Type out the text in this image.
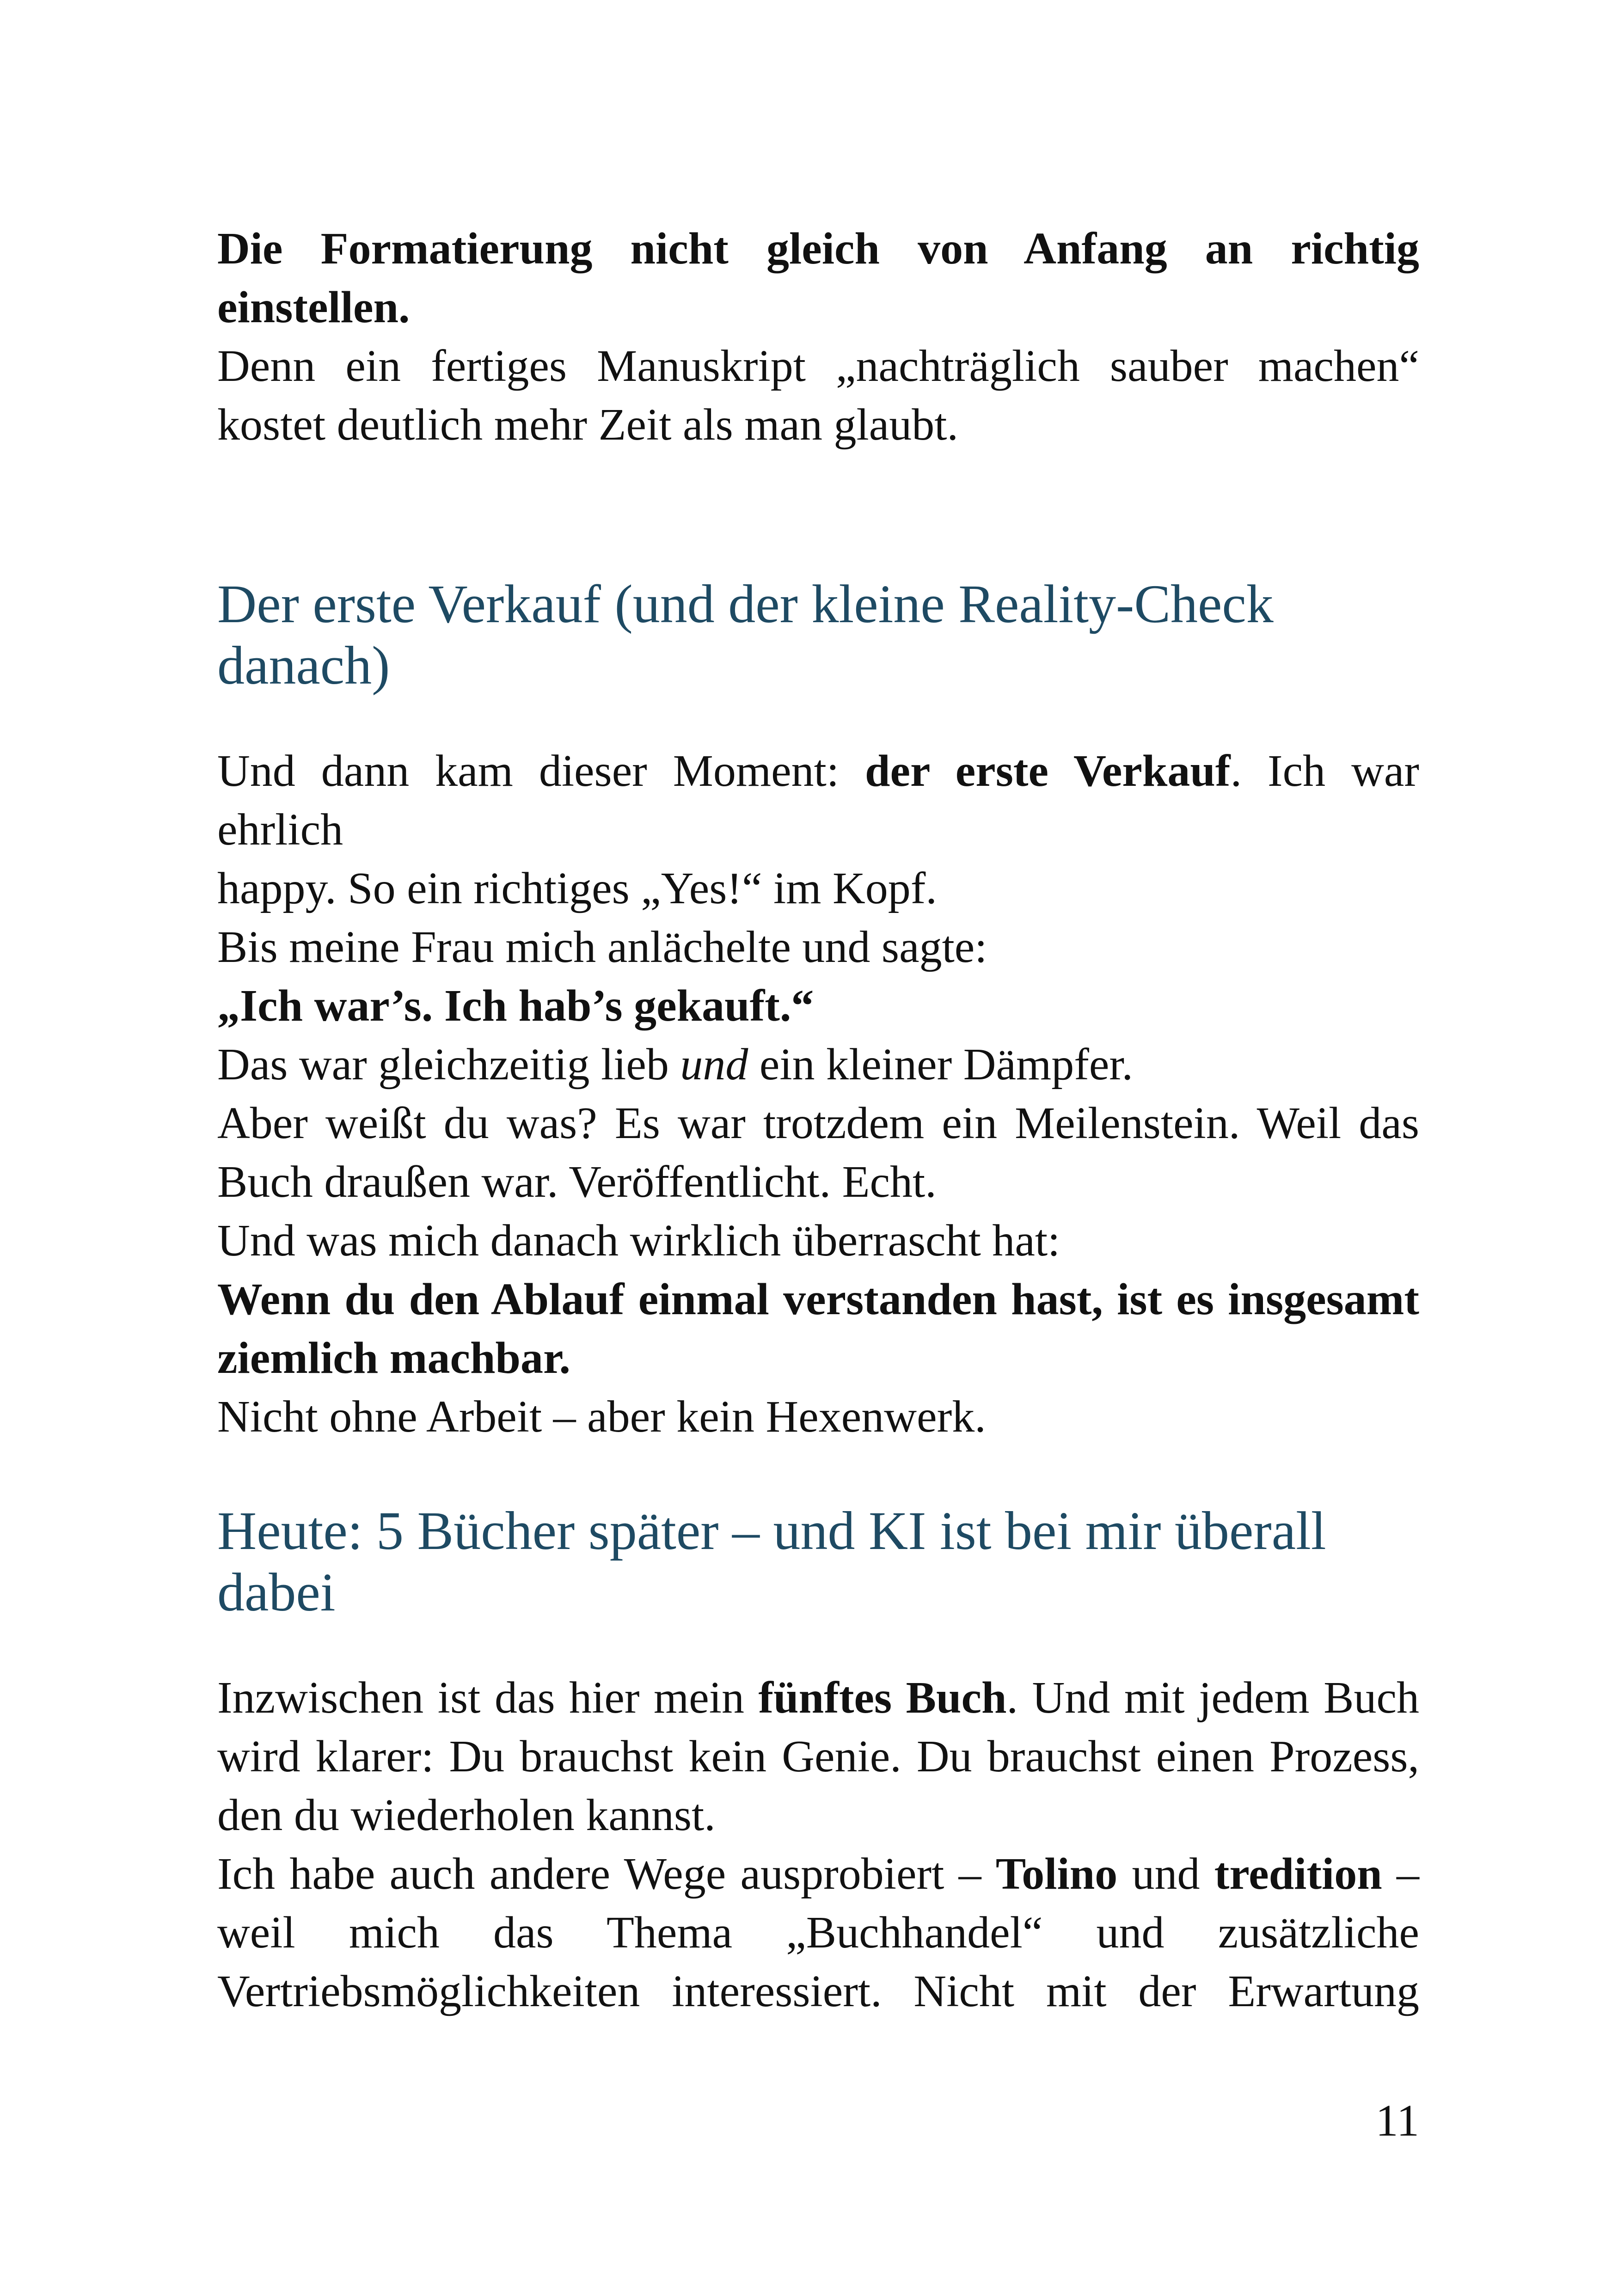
Die Formatierung nicht gleich von Anfang an richtig

einstellen.

Denn ein fertiges Manuskript „nachträglich sauber machen“

kostet deutlich mehr Zeit als man glaubt.

Der erste Verkauf (und der kleine Reality-Check

danach)

Und dann kam dieser Moment: der erste Verkauf. Ich war ehrlich

happy. So ein richtiges „Yes!“ im Kopf.

Bis meine Frau mich anlächelte und sagte:

„Ich war’s. Ich hab’s gekauft.“

Das war gleichzeitig lieb und ein kleiner Dämpfer.

Aber weißt du was? Es war trotzdem ein Meilenstein. Weil das

Buch draußen war. Veröffentlicht. Echt.

Und was mich danach wirklich überrascht hat:

Wenn du den Ablauf einmal verstanden hast, ist es insgesamt

ziemlich machbar.

Nicht ohne Arbeit – aber kein Hexenwerk.

Heute: 5 Bücher später – und KI ist bei mir überall

dabei

Inzwischen ist das hier mein fünftes Buch. Und mit jedem Buch

wird klarer: Du brauchst kein Genie. Du brauchst einen Prozess,

den du wiederholen kannst.

Ich habe auch andere Wege ausprobiert – Tolino und tredition –

weil mich das Thema „Buchhandel“ und zusätzliche

Vertriebsmöglichkeiten interessiert. Nicht mit der Erwartung

11
